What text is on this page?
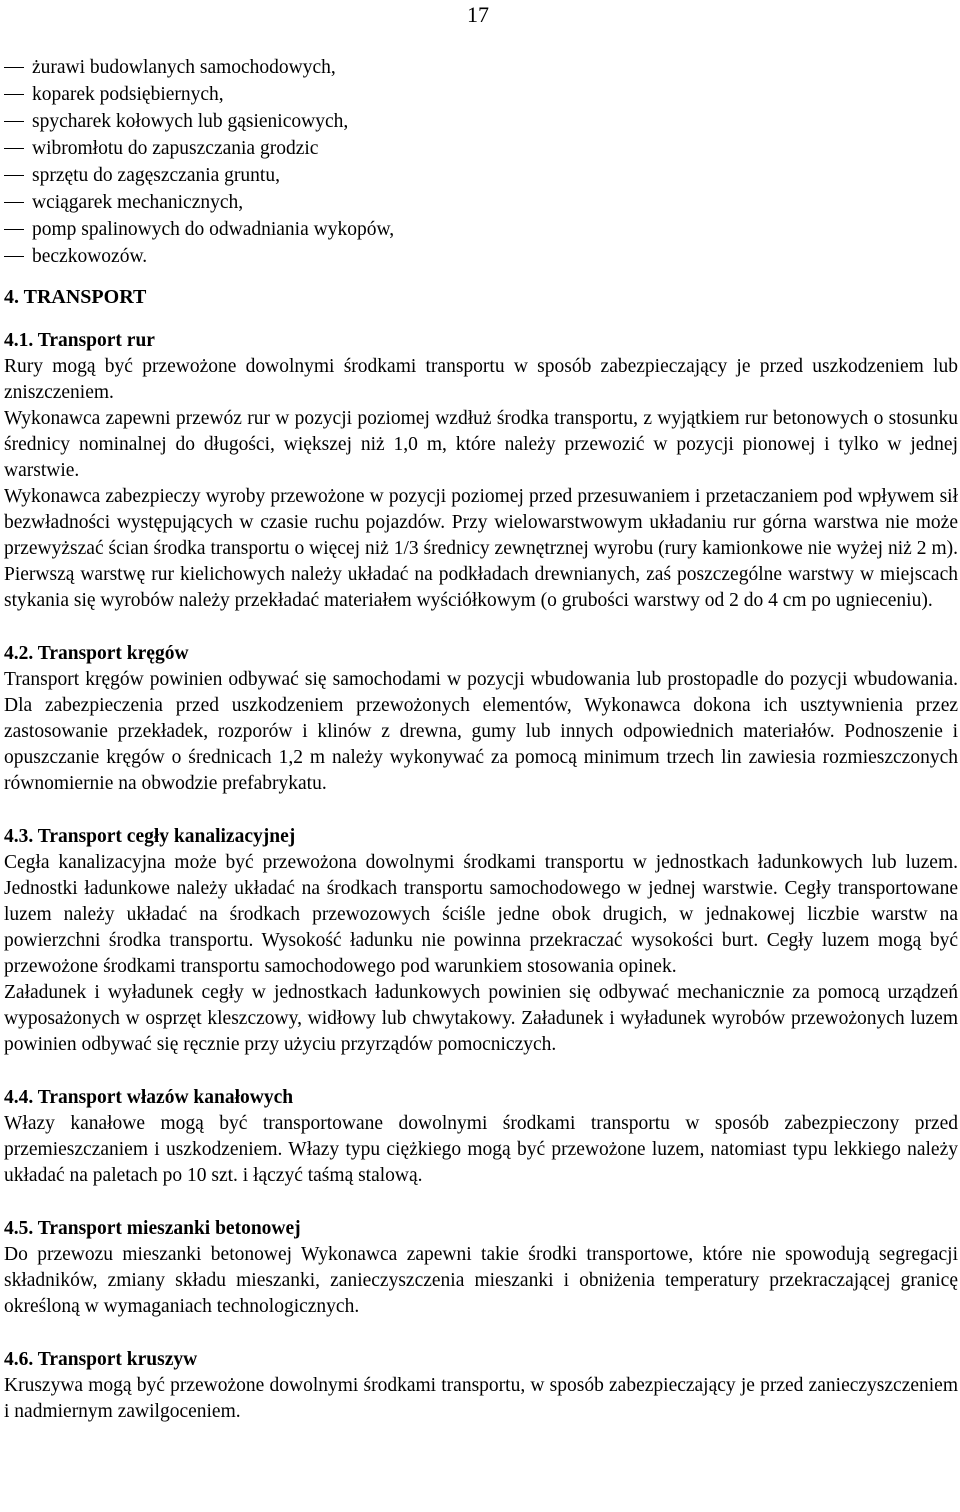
17
żurawi budowlanych samochodowych,
koparek podsiębiernych,
spycharek kołowych lub gąsienicowych,
wibromłotu do zapuszczania grodzic
sprzętu do zagęszczania gruntu,
wciągarek mechanicznych,
pomp spalinowych do odwadniania wykopów,
beczkowozów.
4. TRANSPORT
4.1. Transport rur

Rury mogą być przewożone dowolnymi środkami transportu w sposób zabezpieczający je przed uszkodzeniem lub zniszczeniem.

Wykonawca zapewni przewóz rur w pozycji poziomej wzdłuż środka transportu, z wyjątkiem rur betonowych o stosunku średnicy nominalnej do długości, większej niż 1,0 m, które należy przewozić w pozycji pionowej i tylko w jednej warstwie.

Wykonawca zabezpieczy wyroby przewożone w pozycji poziomej przed przesuwaniem i przetaczaniem pod wpływem sił bezwładności występujących w czasie ruchu pojazdów. Przy wielowarstwowym układaniu rur górna warstwa nie może przewyższać ścian środka transportu o więcej niż 1/3 średnicy zewnętrznej wyrobu (rury kamionkowe nie wyżej niż 2 m). Pierwszą warstwę rur kielichowych należy układać na podkładach drewnianych, zaś poszczególne warstwy w miejscach stykania się wyrobów należy przekładać materiałem wyściółkowym (o grubości warstwy od 2 do 4 cm po ugnieceniu).

4.2. Transport kręgów

Transport kręgów powinien odbywać się samochodami w pozycji wbudowania lub prostopadle do pozycji wbudowania. Dla zabezpieczenia przed uszkodzeniem przewożonych elementów, Wykonawca dokona ich usztywnienia przez zastosowanie przekładek, rozporów i klinów z drewna, gumy lub innych odpowiednich materiałów. Podnoszenie i opuszczanie kręgów o średnicach 1,2 m należy wykonywać za pomocą minimum trzech lin zawiesia rozmieszczonych równomiernie na obwodzie prefabrykatu.

4.3. Transport cegły kanalizacyjnej

Cegła kanalizacyjna może być przewożona dowolnymi środkami transportu w jednostkach ładunkowych lub luzem. Jednostki ładunkowe należy układać na środkach transportu samochodowego w jednej warstwie. Cegły transportowane luzem należy układać na środkach przewozowych ściśle jedne obok drugich, w jednakowej liczbie warstw na powierzchni środka transportu. Wysokość ładunku nie powinna przekraczać wysokości burt. Cegły luzem mogą być przewożone środkami transportu samochodowego pod warunkiem stosowania opinek.

Załadunek i wyładunek cegły w jednostkach ładunkowych powinien się odbywać mechanicznie za pomocą urządzeń wyposażonych w osprzęt kleszczowy, widłowy lub chwytakowy. Załadunek i wyładunek wyrobów przewożonych luzem powinien odbywać się ręcznie przy użyciu przyrządów pomocniczych.

4.4. Transport włazów kanałowych

Włazy kanałowe mogą być transportowane dowolnymi środkami transportu w sposób zabezpieczony przed przemieszczaniem i uszkodzeniem. Włazy typu ciężkiego mogą być przewożone luzem, natomiast typu lekkiego należy układać na paletach po 10 szt. i łączyć taśmą stalową.

4.5. Transport mieszanki betonowej

Do przewozu mieszanki betonowej Wykonawca zapewni takie środki transportowe, które nie spowodują segregacji składników, zmiany składu mieszanki, zanieczyszczenia mieszanki i obniżenia temperatury przekraczającej granicę określoną w wymaganiach technologicznych.

4.6. Transport kruszyw

Kruszywa mogą być przewożone dowolnymi środkami transportu, w sposób zabezpieczający je przed zanieczyszczeniem i nadmiernym zawilgoceniem.
